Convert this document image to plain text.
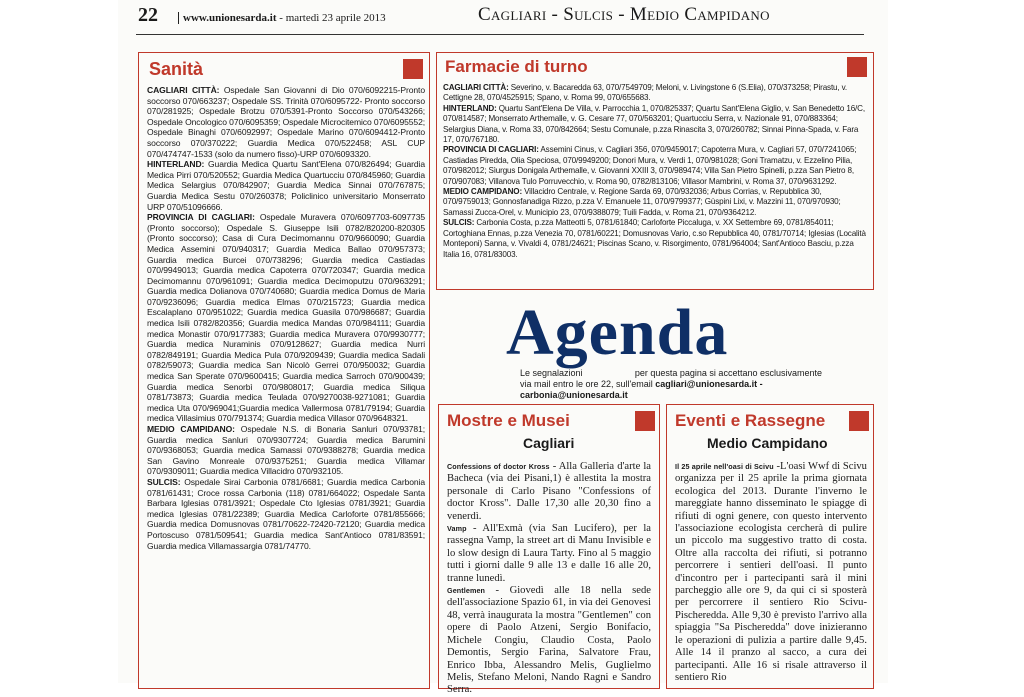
22	www.unionesarda.it - martedì 23 aprile 2013	Cagliari - Sulcis - Medio Campidano
Sanità
CAGLIARI CITTÀ: Ospedale San Giovanni di Dio 070/6092215-Pronto soccorso 070/663237; Ospedale SS. Trinità 070/6095722- Pronto soccorso 070/281925; Ospedale Brotzu 070/5391-Pronto Soccorso 070/543266; Ospedale Oncologico 070/6095359; Ospedale Microcitemico 070/6095552; Ospedale Binaghi 070/6092997; Ospedale Marino 070/6094412-Pronto soccorso 070/370222; Guardia Medica 070/522458; ASL CUP 070/474747-1533 (solo da numero fisso)-URP 070/6093320.
HINTERLAND: Guardia Medica Quartu Sant'Elena 070/826494; Guardia Medica Pirri 070/520552; Guardia Medica Quartucciu 070/845960; Guardia Medica Selargius 070/842907; Guardia Medica Sinnai 070/767875; Guardia Medica Sestu 070/260378; Policlinico universitario Monserrato URP 070/51096666.
PROVINCIA DI CAGLIARI: Ospedale Muravera 070/6097703-6097735 (Pronto soccorso); Ospedale S. Giuseppe Isili 0782/820200-820305 (Pronto soccorso); Casa di Cura Decimomannu 070/9660090; Guardia Medica Assemini 070/940317; Guardia Medica Ballao 070/957373; Guardia medica Burcei 070/738296; Guardia medica Castiadas 070/9949013; Guardia medica Capoterra 070/720347; Guardia medica Decimomannu 070/961091; Guardia medica Decimoputzu 070/963291; Guardia medica Dolianova 070/740680; Guardia medica Domus de Maria 070/9236096; Guardia medica Elmas 070/215723; Guardia medica Escalaplano 070/951022; Guardia medica Guasila 070/986687; Guardia medica Isili 0782/820356; Guardia medica Mandas 070/984111; Guardia medica Monastir 070/9177383; Guardia medica Muravera 070/9930777; Guardia medica Nuraminis 070/9128627; Guardia medica Nurri 0782/849191; Guardia Medica Pula 070/9209439; Guardia medica Sadali 0782/59073; Guardia medica San Nicolò Gerrei 070/950032; Guardia medica San Sperate 070/9600415; Guardia medica Sarroch 070/900439; Guardia medica Senorbì 070/9808017; Guardia medica Siliqua 0781/73873; Guardia medica Teulada 070/9270038-9271081; Guardia medica Uta 070/969041;Guardia medica Vallermosa 0781/79194; Guardia medica Villasimius 070/791374; Guardia medica Villasor 070/9648321.
MEDIO CAMPIDANO: Ospedale N.S. di Bonaria Sanluri 070/93781; Guardia medica Sanluri 070/9307724; Guardia medica Barumini 070/9368053; Guardia medica Samassi 070/9388278; Guardia medica San Gavino Monreale 070/9375251; Guardia medica Villamar 070/9309011; Guardia medica Villacidro 070/932105.
SULCIS: Ospedale Sirai Carbonia 0781/6681; Guardia medica Carbonia 0781/61431; Croce rossa Carbonia (118) 0781/664022; Ospedale Santa Barbara Iglesias 0781/3921; Ospedale Cto Iglesias 0781/3921; Guardia medica Iglesias 0781/22389; Guardia Medica Carloforte 0781/855666; Guardia medica Domusnovas 0781/70622-72420-72120; Guardia medica Portoscuso 0781/509541; Guardia medica Sant'Antioco 0781/83591; Guardia medica Villamassargia 0781/74770.
Farmacie di turno
CAGLIARI CITTÀ: Severino, v. Bacaredda 63, 070/7549709; Meloni, v. Livingstone 6 (S.Elia), 070/373258; Pirastu, v. Cettigne 28, 070/4525915; Spano, v. Roma 99, 070/655683.
HINTERLAND: Quartu Sant'Elena De Villa, v. Parrocchia 1, 070/825337; Quartu Sant'Elena Giglio, v. San Benedetto 16/C, 070/814587; Monserrato Arthemalle, v. G. Cesare 77, 070/563201; Quartucciu Serra, v. Nazionale 91, 070/883364; Selargius Diana, v. Roma 33, 070/842664; Sestu Comunale, p.zza Rinascita 3, 070/260782; Sinnai Pinna-Spada, v. Fara 17, 070/767180.
PROVINCIA DI CAGLIARI: Assemini Cinus, v. Cagliari 356, 070/9459017; Capoterra Mura, v. Cagliari 57, 070/7241065; Castiadas Piredda, Olia Speciosa, 070/9949200; Donori Mura, v. Verdi 1, 070/981028; Goni Tramatzu, v. Ezzelino Pilia, 070/982012; Sìurgus Donigala Arthemalle, v. Giovanni XXIII 3, 070/989474; Villa San Pietro Spinelli, p.zza San Pietro 8, 070/907083; Villanova Tulo Porruvecchio, v. Roma 90, 0782/813106; Villasor Mambrini, v. Roma 37, 070/9631292.
MEDIO CAMPIDANO: Villacidro Centrale, v. Regione Sarda 69, 070/932036; Arbus Corrias, v. Repubblica 30, 070/9759013; Gonnosfanadiga Rizzo, p.zza V. Emanuele 11, 070/9799377; Gùspini Lixi, v. Mazzini 11, 070/970930; Samassi Zucca-Orel, v. Municipio 23, 070/9388079; Tuili Fadda, v. Roma 21, 070/9364212.
SULCIS: Carbonia Costa, p.zza Matteotti 5, 0781/61840; Carloforte Piccaluga, v. XX Settembre 69, 0781/854011; Cortoghiana Ennas, p.zza Venezia 70, 0781/60221; Domusnovas Vario, c.so Repubblica 40, 0781/70714; Iglesias (Località Monteponi) Sanna, v. Vivaldi 4, 0781/24621; Piscinas Scano, v. Risorgimento, 0781/964004; Sant'Antioco Basciu, p.zza Italia 16, 0781/83003.
Agenda
Le segnalazioni	per questa pagina si accettano esclusivamente
via mail entro le ore 22, sull'email cagliari@unionesarda.it - carbonia@unionesarda.it
Mostre e Musei
Cagliari
Confessions of doctor Kross - Alla Galleria d'arte la Bacheca (via dei Pisani,1) è allestita la mostra personale di Carlo Pisano "Confessions of doctor Kross". Dalle 17,30 alle 20,30 fino a venerdì.
Vamp - All'Exmà (via San Lucifero), per la rassegna Vamp, la street art di Manu Invisible e lo slow design di Laura Tarty. Fino al 5 maggio tutti i giorni dalle 9 alle 13 e dalle 16 alle 20, tranne lunedì.
Gentlemen - Giovedì alle 18 nella sede dell'associazione Spazio 61, in via dei Genovesi 48, verrà inaugurata la mostra "Gentlemen" con opere di Paolo Atzeni, Sergio Bonifacio, Michele Congiu, Claudio Costa, Paolo Demontis, Sergio Farina, Salvatore Frau, Enrico Ibba, Alessandro Melis, Guglielmo Melis, Stefano Meloni, Nando Ragni e Sandro Serra.
Eventi e Rassegne
Medio Campidano
Il 25 aprile nell'oasi di Scivu -L'oasi Wwf di Scivu organizza per il 25 aprile la prima giornata ecologica del 2013. Durante l'inverno le mareggiate hanno disseminato le spiagge di rifiuti di ogni genere, con questo intervento l'associazione ecologista cercherà di pulire un piccolo ma suggestivo tratto di costa. Oltre alla raccolta dei rifiuti, si potranno percorrere i sentieri dell'oasi. Il punto d'incontro per i partecipanti sarà il mini parcheggio alle ore 9, da qui ci si sposterà per percorrere il sentiero Rio Scivu-Pischeredda. Alle 9,30 è previsto l'arrivo alla spiaggia "Sa Pischeredda" dove inizieranno le operazioni di pulizia a partire dalle 9,45. Alle 14 il pranzo al sacco, a cura dei partecipanti. Alle 16 si risale attraverso il sentiero Rio
